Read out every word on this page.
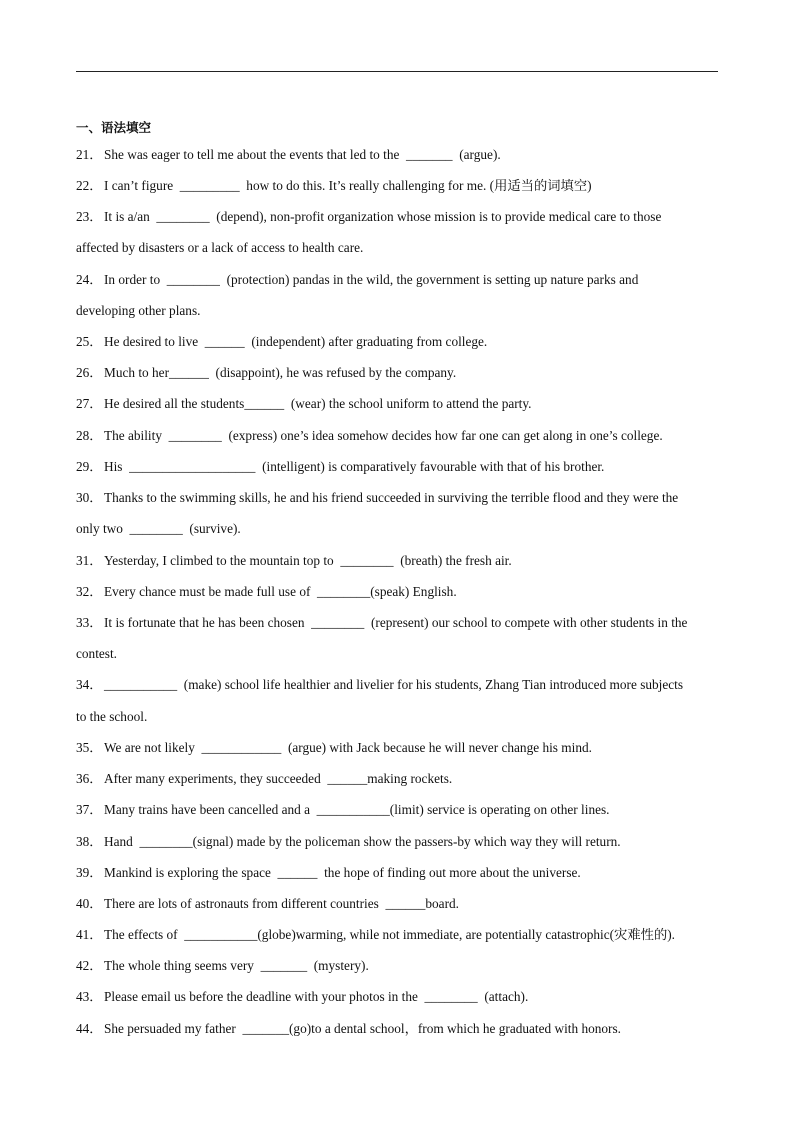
一、语法填空
21．She was eager to tell me about the events that led to the  _______  (argue).
22．I can’t figure  _________  how to do this. It’s really challenging for me. (用适当的词填空)
23．It is a/an  ________  (depend), non-profit organization whose mission is to provide medical care to those
affected by disasters or a lack of access to health care.
24．In order to  ________  (protection) pandas in the wild, the government is setting up nature parks and
developing other plans.
25．He desired to live  ______  (independent) after graduating from college.
26．Much to her______  (disappoint), he was refused by the company.
27．He desired all the students______  (wear) the school uniform to attend the party.
28．The ability  ________  (express) one’s idea somehow decides how far one can get along in one’s college.
29．His  ___________________  (intelligent) is comparatively favourable with that of his brother.
30．Thanks to the swimming skills, he and his friend succeeded in surviving the terrible flood and they were the
only two  ________  (survive).
31．Yesterday, I climbed to the mountain top to  ________  (breath) the fresh air.
32．Every chance must be made full use of  ________(speak) English.
33．It is fortunate that he has been chosen  ________  (represent) our school to compete with other students in the
contest.
34．___________  (make) school life healthier and livelier for his students, Zhang Tian introduced more subjects
to the school.
35．We are not likely  ____________  (argue) with Jack because he will never change his mind.
36．After many experiments, they succeeded  ______making rockets.
37．Many trains have been cancelled and a  ___________(limit) service is operating on other lines.
38．Hand  ________(signal) made by the policeman show the passers-by which way they will return.
39．Mankind is exploring the space  ______  the hope of finding out more about the universe.
40．There are lots of astronauts from different countries  ______board.
41．The effects of  ___________(globe)warming, while not immediate, are potentially catastrophic(灾难性的).
42．The whole thing seems very  _______  (mystery).
43．Please email us before the deadline with your photos in the  ________  (attach).
44．She persuaded my father  _______(go)to a dental school，from which he graduated with honors.
